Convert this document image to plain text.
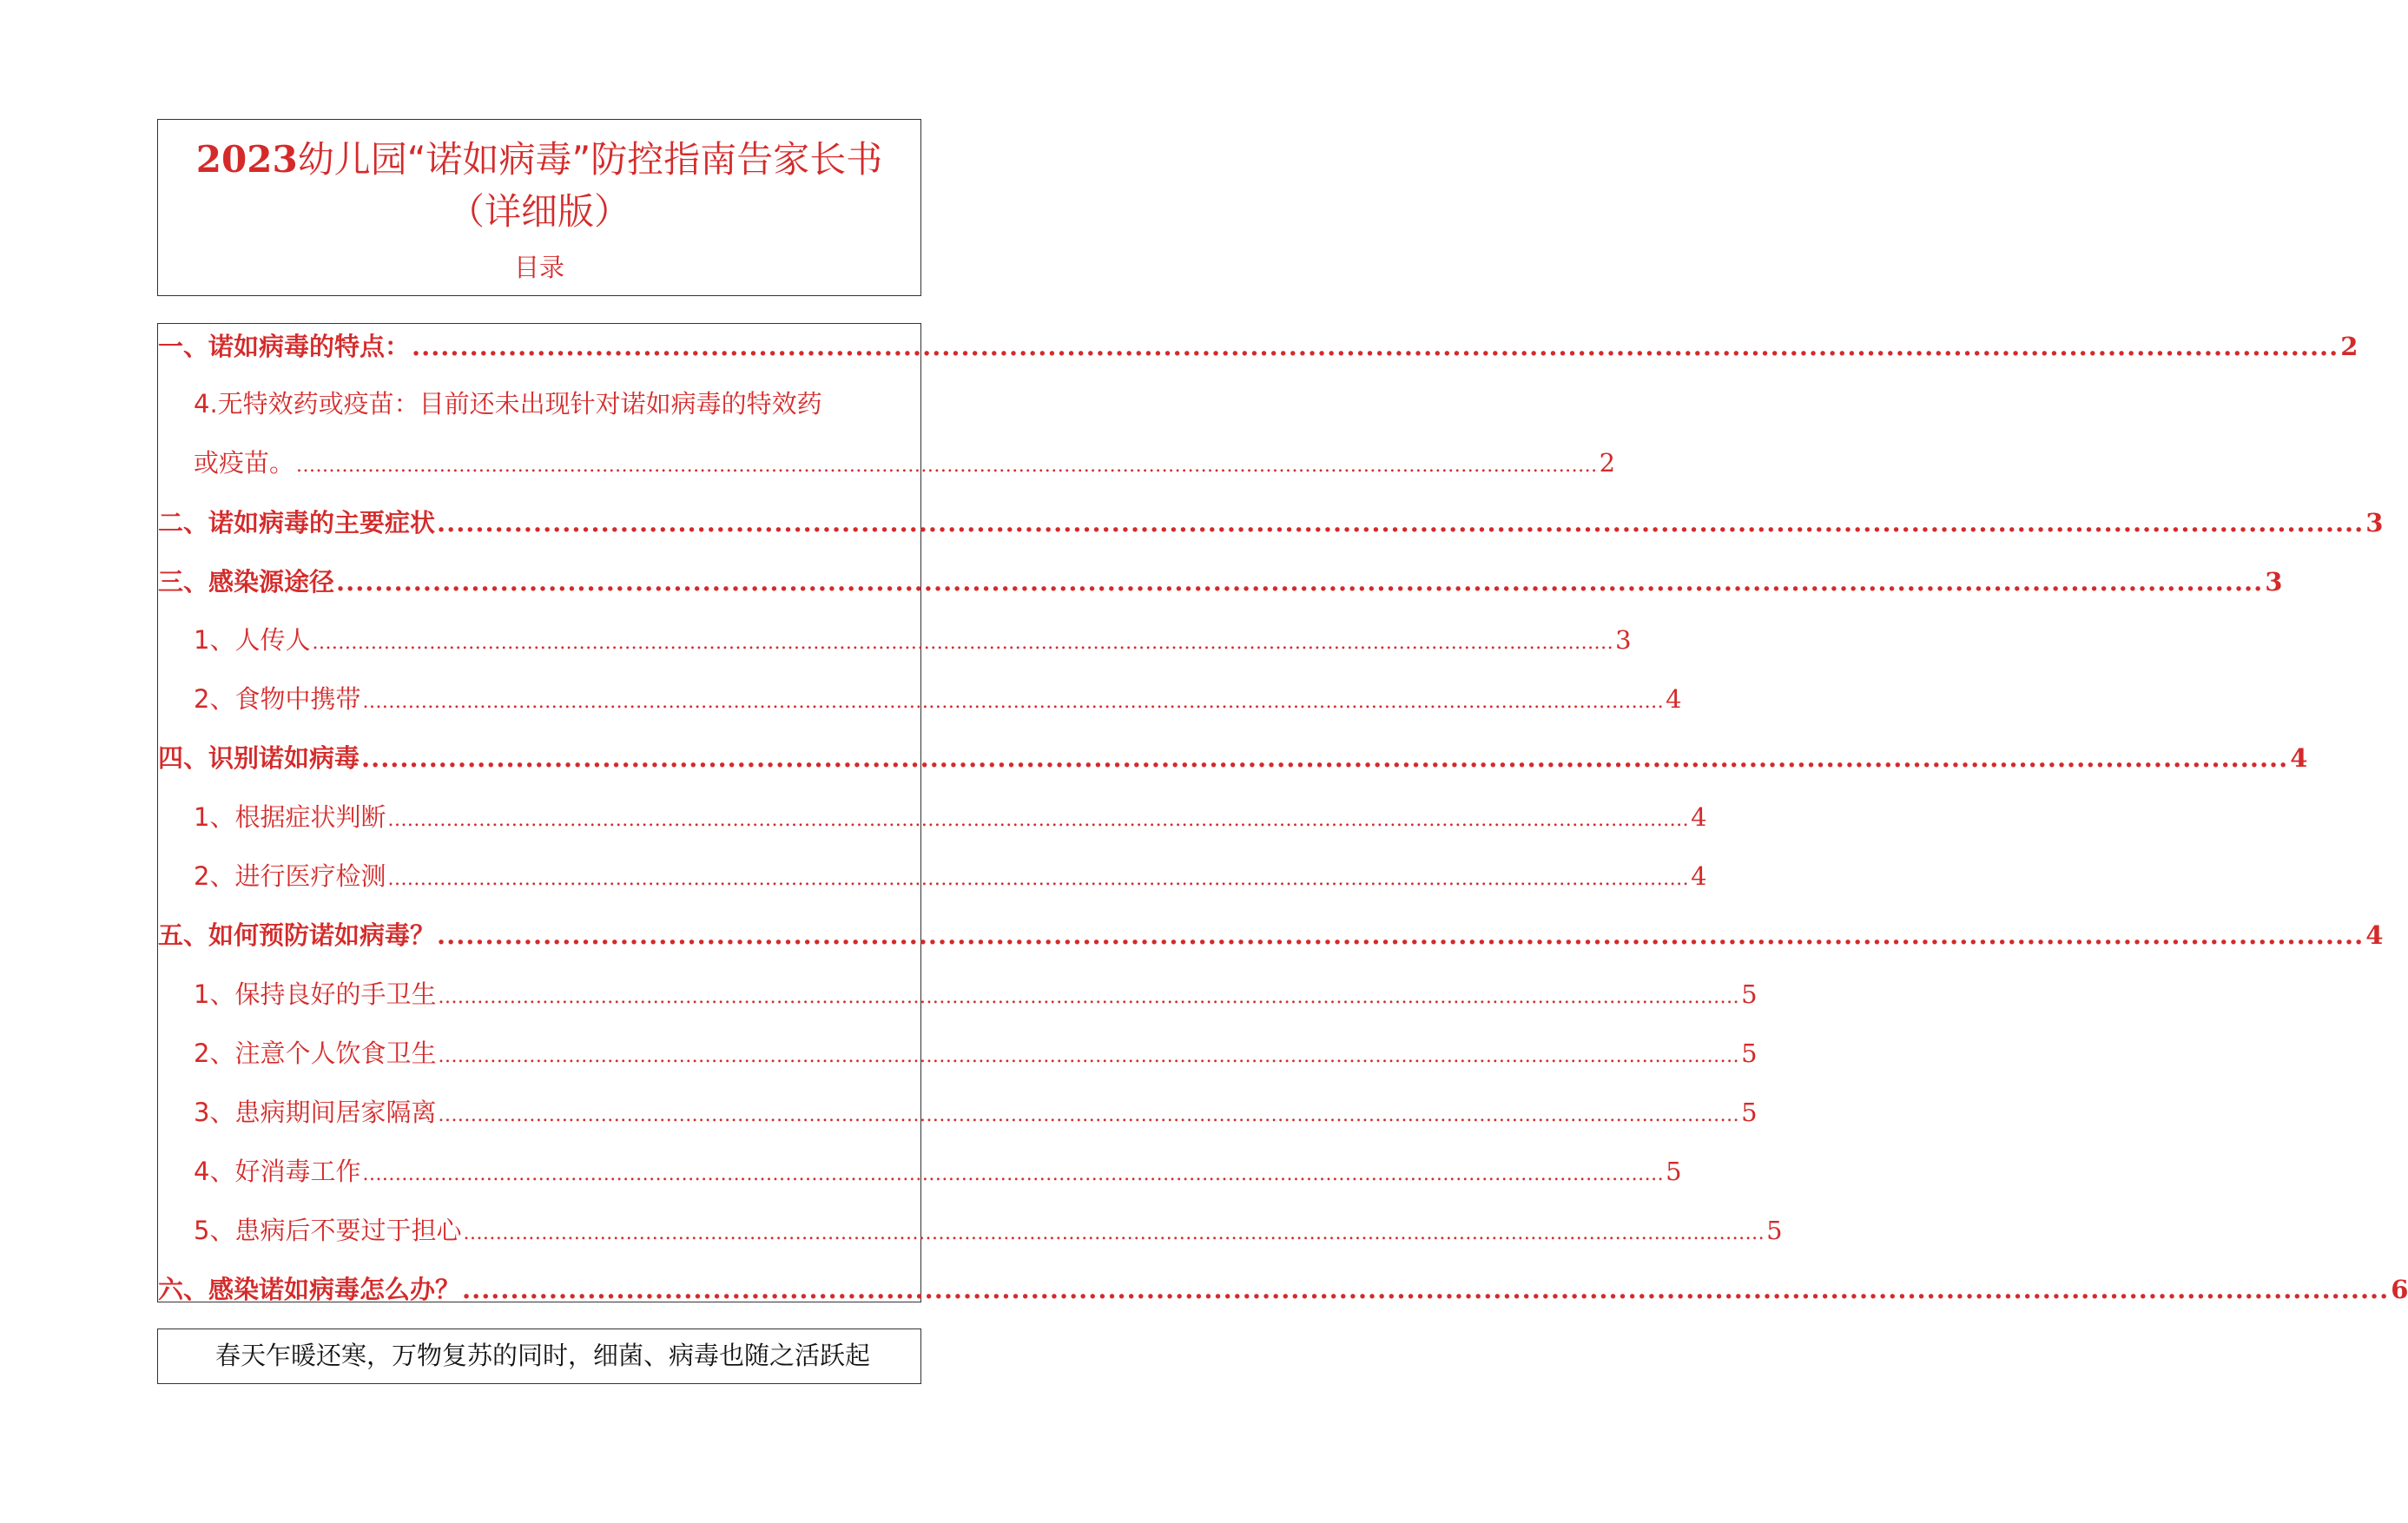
2023幼儿园“诺如病毒”防控指南告家长书
（详细版）
目录
一、诺如病毒的特点： ........................................................................................................................................................................................................ 2
4.无特效药或疫苗：目前还未出现针对诺如病毒的特效药
或疫苗。 ........................................................................................................................................................................................................ 2
二、诺如病毒的主要症状 ........................................................................................................................................................................................................ 3
三、感染源途径 ........................................................................................................................................................................................................ 3
1、人传人 ........................................................................................................................................................................................................ 3
2、食物中携带 ........................................................................................................................................................................................................ 4
四、识别诺如病毒 ........................................................................................................................................................................................................ 4
1、根据症状判断 ........................................................................................................................................................................................................ 4
2、进行医疗检测 ........................................................................................................................................................................................................ 4
五、如何预防诺如病毒？ ........................................................................................................................................................................................................ 4
1、保持良好的手卫生 ........................................................................................................................................................................................................ 5
2、注意个人饮食卫生 ........................................................................................................................................................................................................ 5
3、患病期间居家隔离 ........................................................................................................................................................................................................ 5
4、好消毒工作 ........................................................................................................................................................................................................ 5
5、患病后不要过于担心 ........................................................................................................................................................................................................ 5
六、感染诺如病毒怎么办？ ........................................................................................................................................................................................................ 6
春天乍暖还寒，万物复苏的同时，细菌、病毒也随之活跃起
